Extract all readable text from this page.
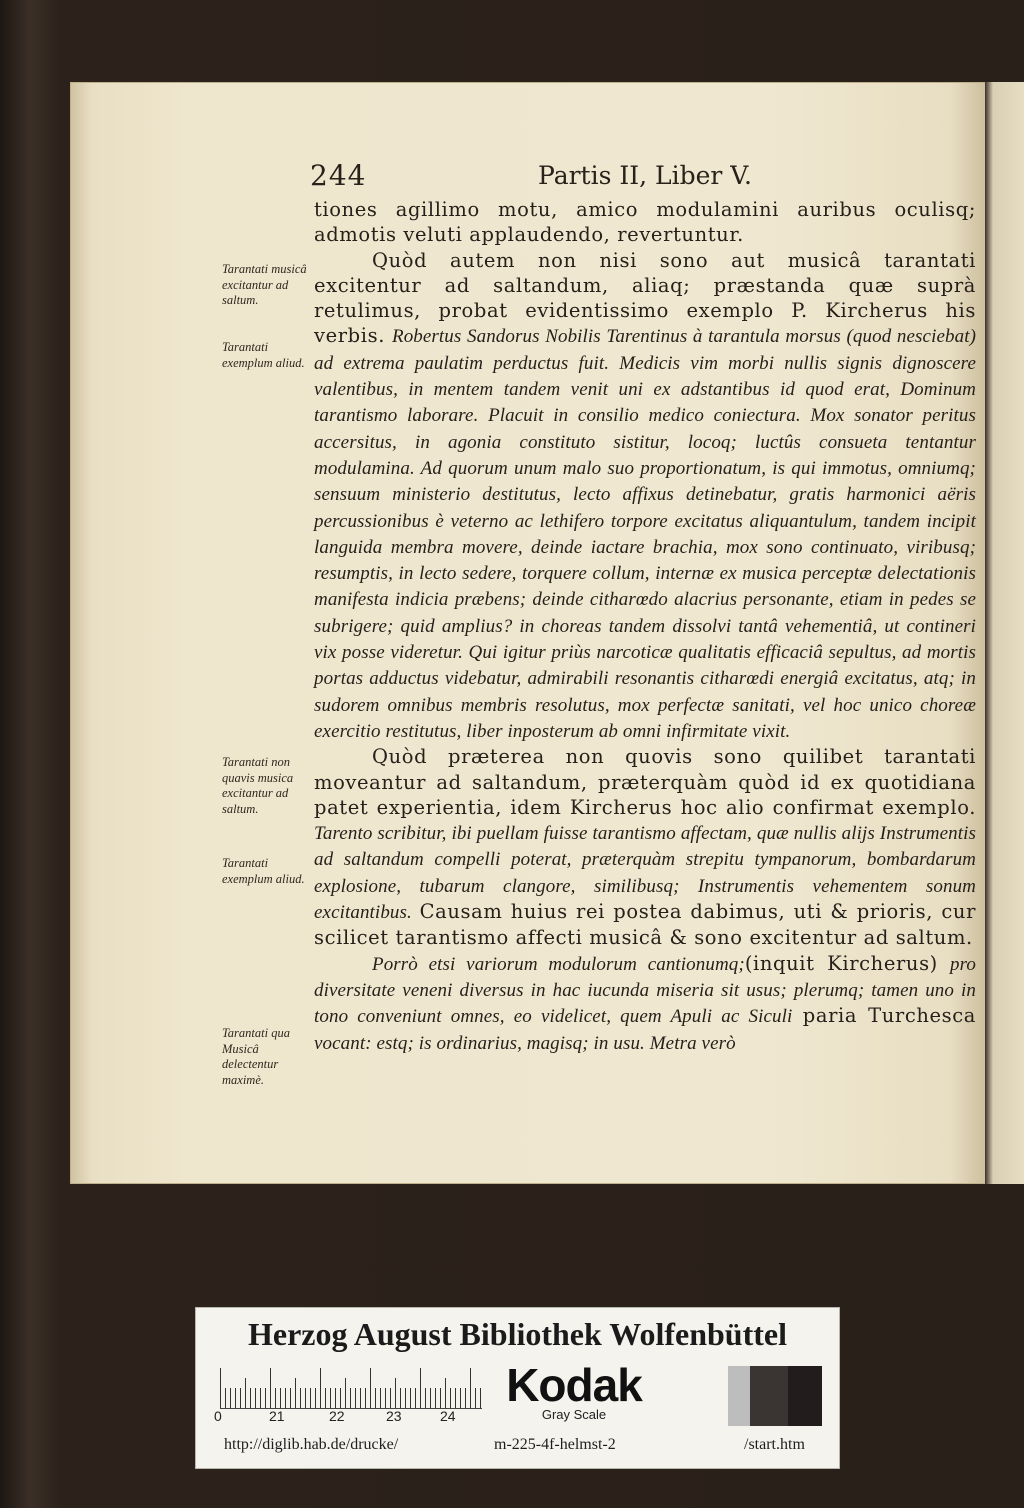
244	Partis II, Liber V.
Tarantati musicâ excitantur ad saltum.
Tarantati exemplum aliud.
Tarantati non quavis musica excitantur ad saltum.
Tarantati exemplum aliud.
Tarantati qua Musicâ delectentur maximè.

tiones agillimo motu, amico modulamini auribus oculisq; admotis veluti applaudendo, revertuntur.

Quòd autem non nisi sono aut musicâ tarantati excitentur ad saltandum, aliaq; præstanda quæ suprà retulimus, probat evidentissimo exemplo P. Kircherus his verbis. Robertus Sandorus Nobilis Tarentinus à tarantula morsus (quod nesciebat) ad extrema paulatim perductus fuit. Medicis vim morbi nullis signis dignoscere valentibus, in mentem tandem venit uni ex adstantibus id quod erat, Dominum tarantismo laborare. Placuit in consilio medico coniectura. Mox sonator peritus accersitus, in agonia constituto sistitur, locoq; luctûs consueta tentantur modulamina. Ad quorum unum malo suo proportionatum, is qui immotus, omniumq; sensuum ministerio destitutus, lecto affixus detinebatur, gratis harmonici aëris percussionibus è veterno ac lethifero torpore excitatus aliquantulum, tandem incipit languida membra movere, deinde iactare brachia, mox sono continuato, viribusq; resumptis, in lecto sedere, torquere collum, internæ ex musica perceptæ delectationis manifesta indicia præbens; deinde citharœdo alacrius personante, etiam in pedes se subrigere; quid amplius? in choreas tandem dissolvi tantâ vehementiâ, ut contineri vix posse videretur. Qui igitur priùs narcoticæ qualitatis efficaciâ sepultus, ad mortis portas adductus videbatur, admirabili resonantis citharœdi energiâ excitatus, atq; in sudorem omnibus membris resolutus, mox perfectæ sanitati, vel hoc unico choreæ exercitio restitutus, liber inposterum ab omni infirmitate vixit.

Quòd præterea non quovis sono quilibet tarantati moveantur ad saltandum, præterquàm quòd id ex quotidiana patet experientia, idem Kircherus hoc alio confirmat exemplo. Tarento scribitur, ibi puellam fuisse tarantismo affectam, quæ nullis alijs Instrumentis ad saltandum compelli poterat, præterquàm strepitu tympanorum, bombardarum explosione, tubarum clangore, similibusq; Instrumentis vehementem sonum excitantibus. Causam huius rei postea dabimus, uti & prioris, cur scilicet tarantismo affecti musicâ & sono excitentur ad saltum.

Porrò etsi variorum modulorum cantionumq;(inquit Kircherus) pro diversitate veneni diversus in hac iucunda miseria sit usus; plerumq; tamen uno in tono conveniunt omnes, eo videlicet, quem Apuli ac Siculi paria Turchesca vocant: estq; is ordinarius, magisq; in usu. Metra verò

Herzog August Bibliothek Wolfenbüttel
0	21	22	23	24
Kodak
Gray Scale
http://diglib.hab.de/drucke/	m-225-4f-helmst-2	/start.htm
